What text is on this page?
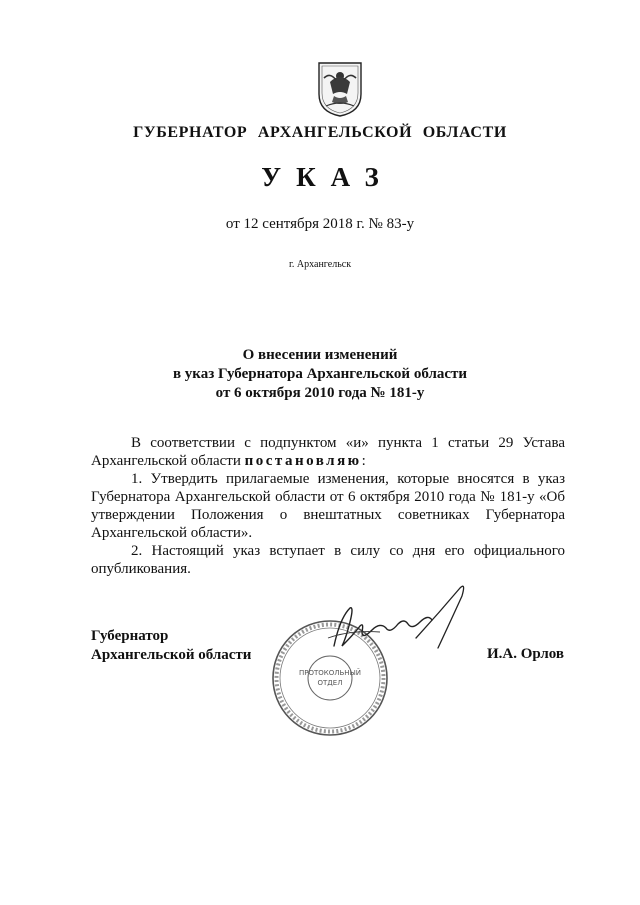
ГУБЕРНАТОР АРХАНГЕЛЬСКОЙ ОБЛАСТИ
УКАЗ
от 12 сентября 2018 г. № 83-у
г. Архангельск
О внесении изменений
в указ Губернатора Архангельской области
от 6 октября 2010 года № 181-у

В соответствии с подпунктом «и» пункта 1 статьи 29 Устава Архангельской области постановляю:

1. Утвердить прилагаемые изменения, которые вносятся в указ Губернатора Архангельской области от 6 октября 2010 года № 181-у «Об утверждении Положения о внештатных советниках Губернатора Архангельской области».

2. Настоящий указ вступает в силу со дня его официального опубликования.

Губернатор
Архангельской области
ПРОТОКОЛЬНЫЙ
ОТДЕЛ
И.А. Орлов
